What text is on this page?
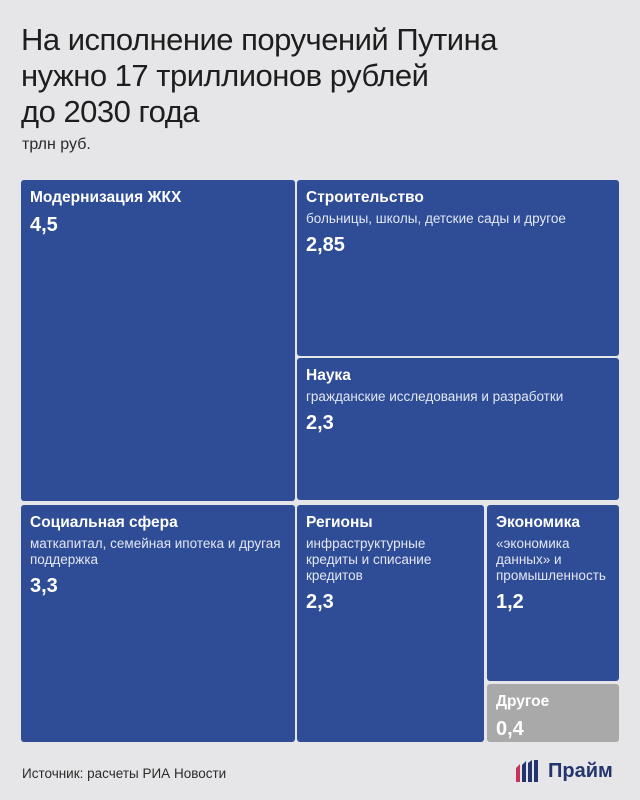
На исполнение поручений Путина
нужно 17 триллионов рублей
до 2030 года
трлн руб.
Модернизация ЖКХ
4,5
Социальная сфера
маткапитал, семейная ипотека и другая поддержка
3,3
Строительство
больницы, школы, детские сады и другое
2,85
Наука
гражданские исследования и разработки
2,3
Регионы
инфраструктурные кредиты и списание кредитов
2,3
Экономика
«экономика данных» и промышленность
1,2
Другое
0,4
Источник: расчеты РИА Новости	Прайм
